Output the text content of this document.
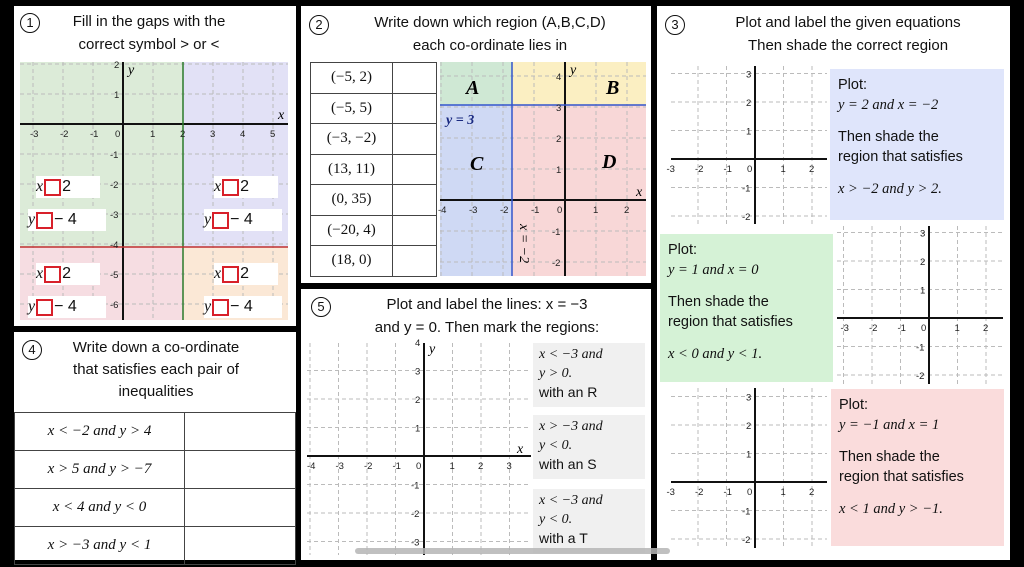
1	Fill in the gaps with the
correct symbol > or <
-3 -2 -1 0	1	2	3	4	5
2
1
-1
-2
-3
-4
-5
-6
x
y
x 2
y − 4
x 2
y − 4
x 2
y − 4
x 2
y − 4
4	Write down a co-ordinate
that satisfies each pair of
inequalities
x < −2 and y > 4	
x > 5 and y > −7	
x < 4 and y < 0	
x > −3 and y < 1	
2	Write down which region (A,B,C,D)
each co-ordinate lies in
(−5, 2)	
(−5, 5)	
(−3, −2)	
(13, 11)	
(0, 35)	
(−20, 4)	
(18, 0)	
-4 -3 -2 -1 0	1	2
4
3
2
1
-1
-2
A	B
C	D
y = 3
x = −2
x
y
5	Plot and label the lines: x = −3
and y = 0. Then mark the regions:
-4 -3 -2 -1 0	1 2 3
4
3
2
1
-1
-2
-3
x
y	x < −3 and

y > 0.

with an R

x > −3 and

y < 0.

with an S

x < −3 and

y < 0.

with a T

3	Plot and label the given equations
Then shade the correct region
-3 -2 -1 0	1 2
3
2
1
-1
-2

Plot:

y = 2 and x = −2

Then shade the

region that satisfies

x > −2 and y > 2.

Plot:

y = 1 and x = 0

Then shade the

region that satisfies

x < 0 and y < 1.

-3 -2 -1 0	1 2
3
2
1
-1
-2
-3 -2 -1 0	1 2
3
2
1
-1
-2

Plot:

y = −1 and x = 1

Then shade the

region that satisfies

x < 1 and y > −1.
